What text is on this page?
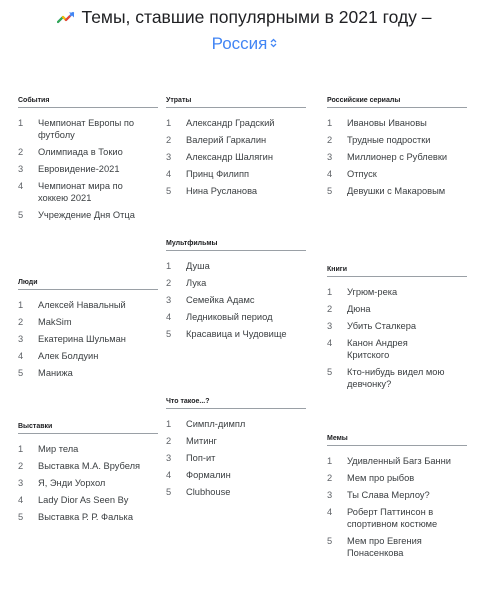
Темы, ставшие популярными в 2021 году –
Россия
События
1	Чемпионат Европы по футболу
2	Олимпиада в Токио
3	Евровидение-2021
4	Чемпионат мира по хоккею 2021
5	Учреждение Дня Отца
Люди
1	Алексей Навальный
2	MakSim
3	Екатерина Шульман
4	Алек Болдуин
5	Манижа
Выставки
1	Мир тела
2	Выставка М.А. Врубеля
3	Я, Энди Уорхол
4	Lady Dior As Seen By
5	Выставка Р. Р. Фалька
Утраты
1	Александр Градский
2	Валерий Гаркалин
3	Александр Шалягин
4	Принц Филипп
5	Нина Русланова
Мультфильмы
1	Душа
2	Лука
3	Семейка Адамс
4	Ледниковый период
5	Красавица и Чудовище
Что такое...?
1	Симпл-димпл
2	Митинг
3	Поп-ит
4	Формалин
5	Clubhouse
Российские сериалы
1	Ивановы Ивановы
2	Трудные подростки
3	Миллионер с Рублевки
4	Отпуск
5	Девушки с Макаровым
Книги
1	Угрюм-река
2	Дюна
3	Убить Сталкера
4	Канон Андрея Критского
5	Кто-нибудь видел мою девчонку?
Мемы
1	Удивленный Багз Банни
2	Мем про рыбов
3	Ты Слава Мерлоу?
4	Роберт Паттинсон в спортивном костюме
5	Мем про Евгения Понасенкова
